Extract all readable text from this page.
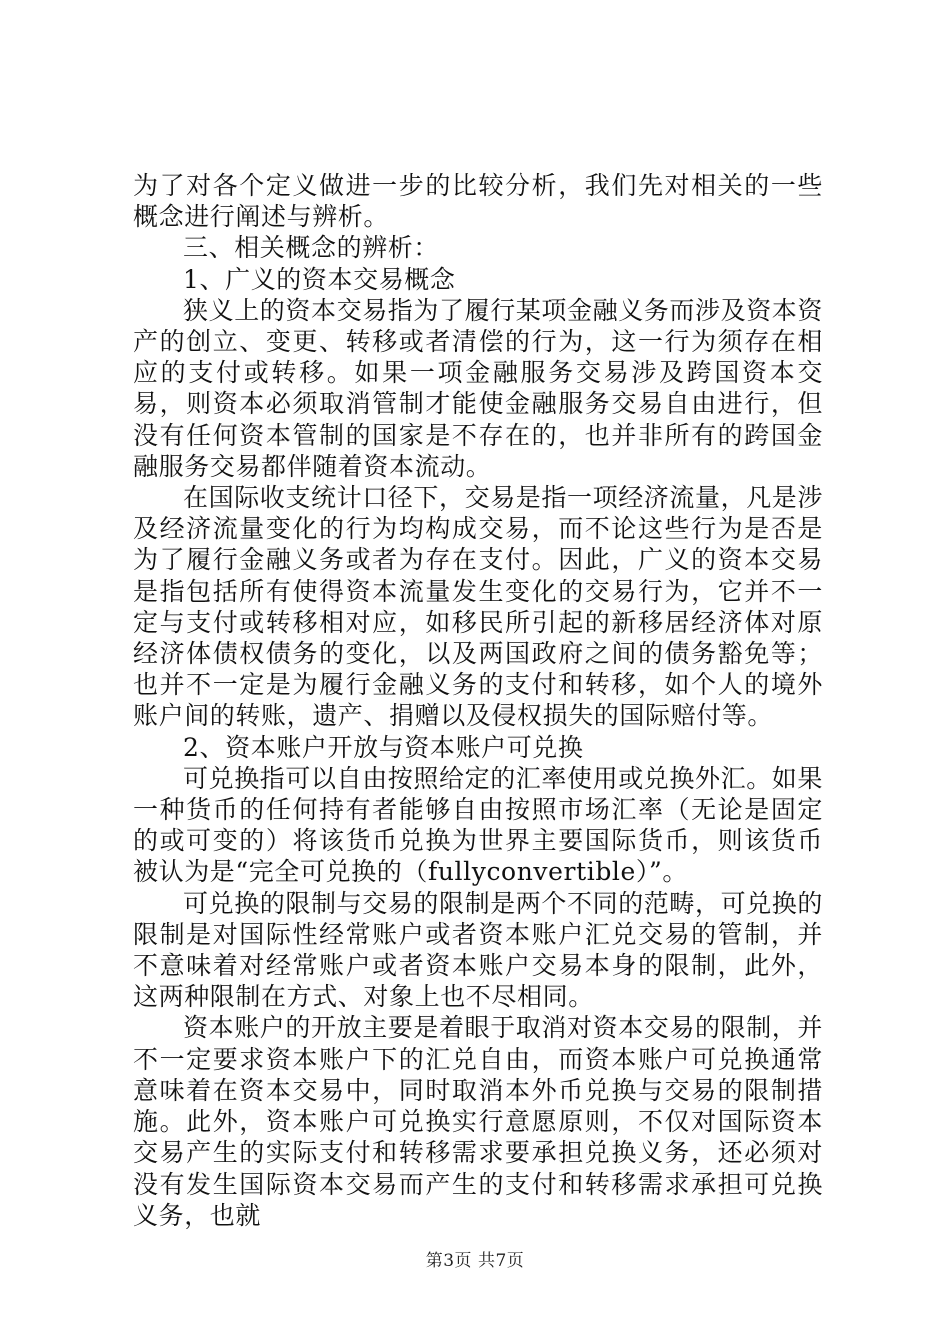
为了对各个定义做进一步的比较分析，我们先对相关的一些概念进行阐述与辨析。

三、相关概念的辨析：

1、广义的资本交易概念

狭义上的资本交易指为了履行某项金融义务而涉及资本资产的创立、变更、转移或者清偿的行为，这一行为须存在相应的支付或转移。如果一项金融服务交易涉及跨国资本交易，则资本必须取消管制才能使金融服务交易自由进行，但没有任何资本管制的国家是不存在的，也并非所有的跨国金融服务交易都伴随着资本流动。

在国际收支统计口径下，交易是指一项经济流量，凡是涉及经济流量变化的行为均构成交易，而不论这些行为是否是为了履行金融义务或者为存在支付。因此，广义的资本交易是指包括所有使得资本流量发生变化的交易行为，它并不一定与支付或转移相对应，如移民所引起的新移居经济体对原经济体债权债务的变化，以及两国政府之间的债务豁免等；也并不一定是为履行金融义务的支付和转移，如个人的境外账户间的转账，遗产、捐赠以及侵权损失的国际赔付等。

2、资本账户开放与资本账户可兑换

可兑换指可以自由按照给定的汇率使用或兑换外汇。如果一种货币的任何持有者能够自由按照市场汇率（无论是固定的或可变的）将该货币兑换为世界主要国际货币，则该货币被认为是“完全可兑换的（fullyconvertible）”。

可兑换的限制与交易的限制是两个不同的范畴，可兑换的限制是对国际性经常账户或者资本账户汇兑交易的管制，并不意味着对经常账户或者资本账户交易本身的限制，此外，这两种限制在方式、对象上也不尽相同。

资本账户的开放主要是着眼于取消对资本交易的限制，并不一定要求资本账户下的汇兑自由，而资本账户可兑换通常意味着在资本交易中，同时取消本外币兑换与交易的限制措施。此外，资本账户可兑换实行意愿原则，不仅对国际资本交易产生的实际支付和转移需求要承担兑换义务，还必须对没有发生国际资本交易而产生的支付和转移需求承担可兑换义务，也就

第3页 共7页
